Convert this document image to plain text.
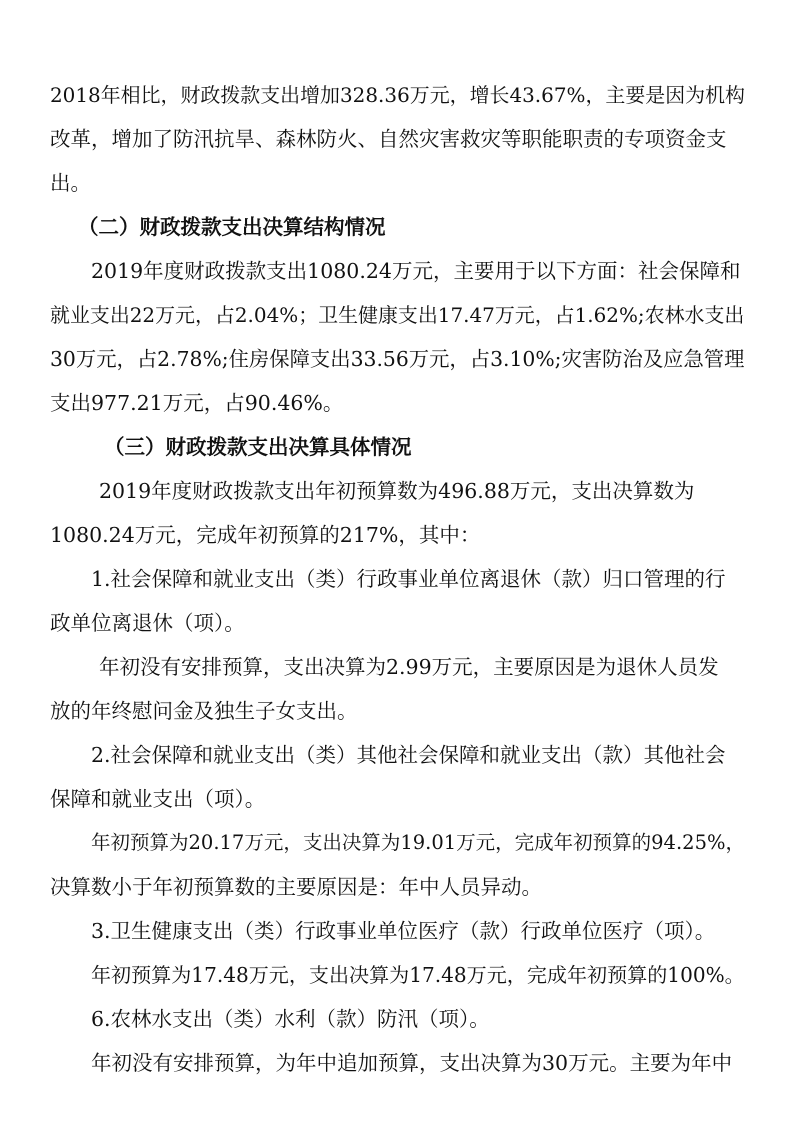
2018年相比，财政拨款支出增加328.36万元，增长43.67%，主要是因为机构
改革，增加了防汛抗旱、森林防火、自然灾害救灾等职能职责的专项资金支
出。
（二）财政拨款支出决算结构情况
2019年度财政拨款支出1080.24万元，主要用于以下方面：社会保障和
就业支出22万元，占2.04%；卫生健康支出17.47万元，占1.62%;农林水支出
30万元，占2.78%;住房保障支出33.56万元，占3.10%;灾害防治及应急管理
支出977.21万元，占90.46%。
（三）财政拨款支出决算具体情况
2019年度财政拨款支出年初预算数为496.88万元，支出决算数为
1080.24万元，完成年初预算的217%，其中：
1.社会保障和就业支出（类）行政事业单位离退休（款）归口管理的行
政单位离退休（项）。
年初没有安排预算，支出决算为2.99万元，主要原因是为退休人员发
放的年终慰问金及独生子女支出。
2.社会保障和就业支出（类）其他社会保障和就业支出（款）其他社会
保障和就业支出（项）。
年初预算为20.17万元，支出决算为19.01万元，完成年初预算的94.25%，
决算数小于年初预算数的主要原因是：年中人员异动。
3.卫生健康支出（类）行政事业单位医疗（款）行政单位医疗（项）。
年初预算为17.48万元，支出决算为17.48万元，完成年初预算的100%。
6.农林水支出（类）水利（款）防汛（项）。
年初没有安排预算，为年中追加预算，支出决算为30万元。主要为年中
